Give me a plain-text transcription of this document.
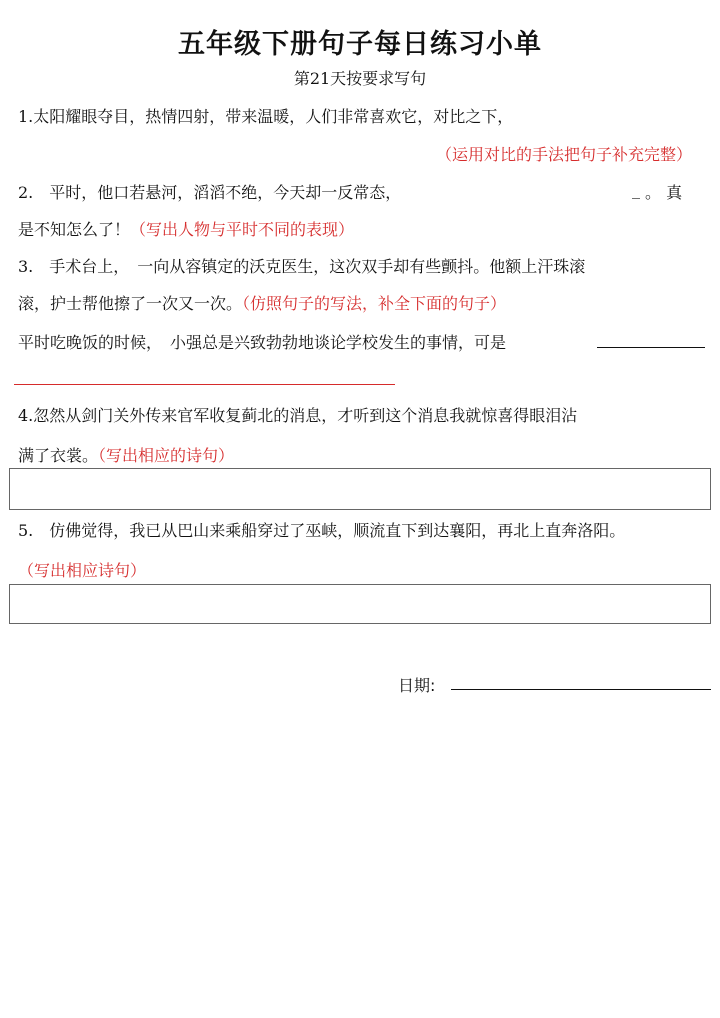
五年级下册句子每日练习小单
第21天按要求写句
1.太阳耀眼夺目，热情四射，带来温暖，人们非常喜欢它，对比之下，
（运用对比的手法把句子补充完整）
2.　平时，他口若悬河，滔滔不绝，今天却一反常态，	_ 。 真
是不知怎么了！（写出人物与平时不同的表现）
3.　手术台上，　一向从容镇定的沃克医生，这次双手却有些颤抖。他额上汗珠滚
滚，护士帮他擦了一次又一次。（仿照句子的写法，补全下面的句子）
平时吃晚饭的时候，　小强总是兴致勃勃地谈论学校发生的事情，可是
4.忽然从剑门关外传来官军收复蓟北的消息，才听到这个消息我就惊喜得眼泪沾
满了衣裳。（写出相应的诗句）
5.　仿佛觉得，我已从巴山来乘船穿过了巫峡，顺流直下到达襄阳，再北上直奔洛阳。
（写出相应诗句）
日期:
